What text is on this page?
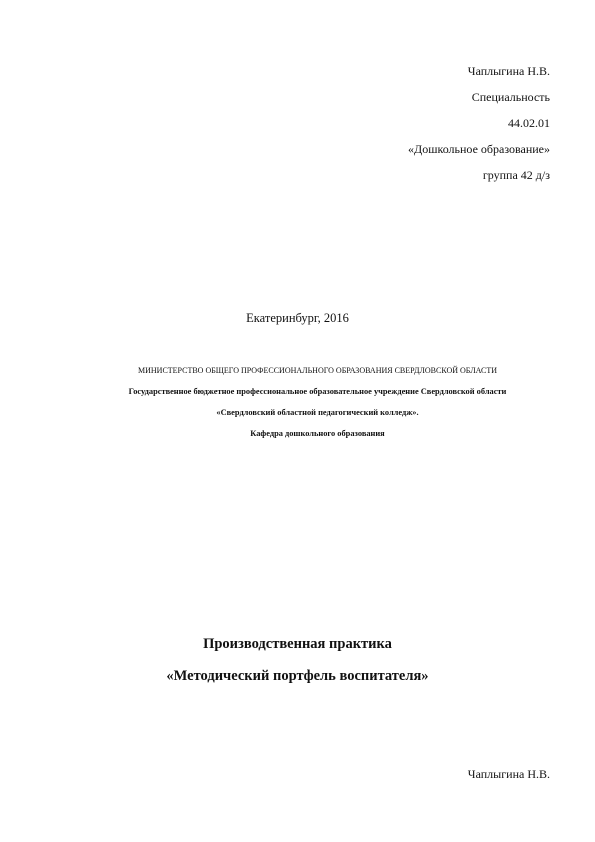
Чаплыгина Н.В.
Специальность
44.02.01
«Дошкольное образование»
группа 42 д/з
Екатеринбург, 2016
МИНИСТЕРСТВО ОБЩЕГО ПРОФЕССИОНАЛЬНОГО ОБРАЗОВАНИЯ СВЕРДЛОВСКОЙ ОБЛАСТИ
Государственное бюджетное профессиональное образовательное учреждение Свердловской области
«Свердловский областной педагогический колледж».
Кафедра дошкольного образования
Производственная практика
«Методический портфель воспитателя»
Чаплыгина Н.В.
